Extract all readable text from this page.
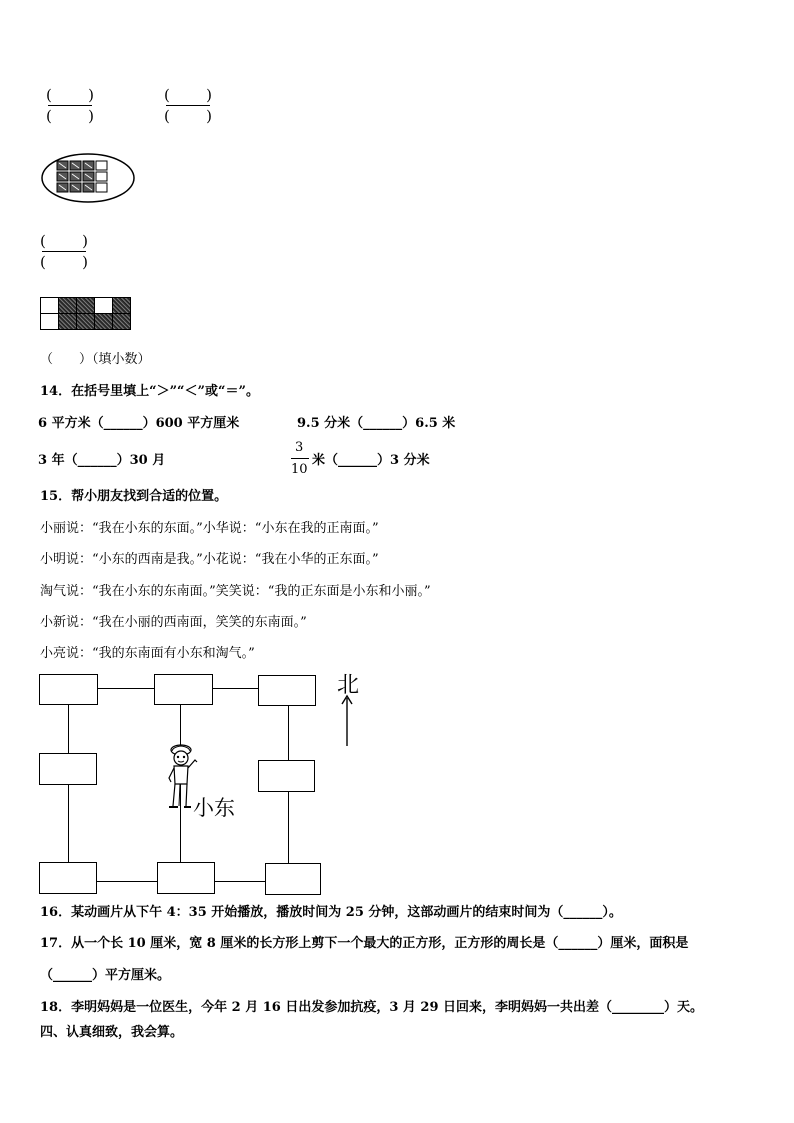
( )
( )
( )
( )
( )
( )
（　　）（填小数）
14．在括号里填上“＞”“＜”或“＝”。
6 平方米（______）600 平方厘米	9.5 分米（______）6.5 米
3 年（______）30 月
3
10
米（______）3 分米
15．帮小朋友找到合适的位置。
小丽说：“我在小东的东面。”小华说：“小东在我的正南面。”
小明说：“小东的西南是我。”小花说：“我在小华的正东面。”
淘气说：“我在小东的东南面。”笑笑说：“我的正东面是小东和小丽。”
小新说：“我在小丽的西南面，笑笑的东南面。”
小亮说：“我的东南面有小东和淘气。”
小东
北
16．某动画片从下午 4：35 开始播放，播放时间为 25 分钟，这部动画片的结束时间为（______）。
17．从一个长 10 厘米，宽 8 厘米的长方形上剪下一个最大的正方形，正方形的周长是（______）厘米，面积是
（______）平方厘米。
18．李明妈妈是一位医生，今年 2 月 16 日出发参加抗疫，3 月 29 日回来，李明妈妈一共出差（________）天。
四、认真细致，我会算。
